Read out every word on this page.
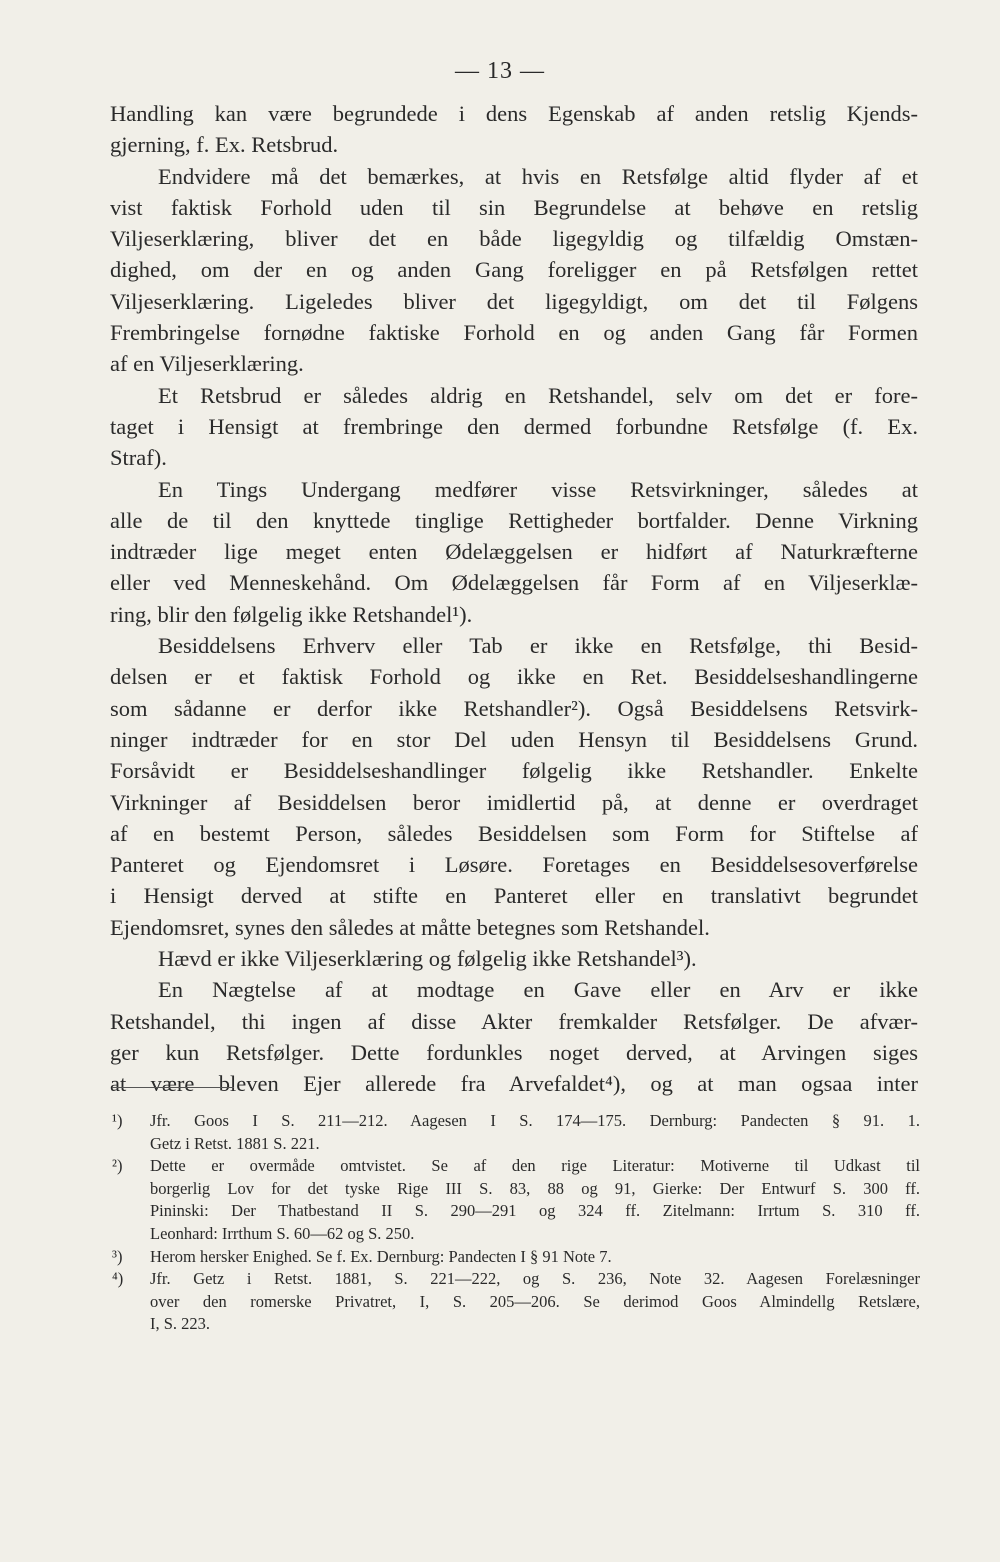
— 13 —
Handling kan være begrundede i dens Egenskab af anden retslig Kjends-
gjerning, f. Ex. Retsbrud.
Endvidere må det bemærkes, at hvis en Retsfølge altid flyder af et
vist faktisk Forhold uden til sin Begrundelse at behøve en retslig
Viljeserklæring, bliver det en både ligegyldig og tilfældig Omstæn-
dighed, om der en og anden Gang foreligger en på Retsfølgen rettet
Viljeserklæring. Ligeledes bliver det ligegyldigt, om det til Følgens
Frembringelse fornødne faktiske Forhold en og anden Gang får Formen
af en Viljeserklæring.
Et Retsbrud er således aldrig en Retshandel, selv om det er fore-
taget i Hensigt at frembringe den dermed forbundne Retsfølge (f. Ex.
Straf).
En Tings Undergang medfører visse Retsvirkninger, således at
alle de til den knyttede tinglige Rettigheder bortfalder. Denne Virkning
indtræder lige meget enten Ødelæggelsen er hidført af Naturkræfterne
eller ved Menneskehånd. Om Ødelæggelsen får Form af en Viljeserklæ-
ring, blir den følgelig ikke Retshandel¹).
Besiddelsens Erhverv eller Tab er ikke en Retsfølge, thi Besid-
delsen er et faktisk Forhold og ikke en Ret. Besiddelseshandlingerne
som sådanne er derfor ikke Retshandler²). Også Besiddelsens Retsvirk-
ninger indtræder for en stor Del uden Hensyn til Besiddelsens Grund.
Forsåvidt er Besiddelseshandlinger følgelig ikke Retshandler. Enkelte
Virkninger af Besiddelsen beror imidlertid på, at denne er overdraget
af en bestemt Person, således Besiddelsen som Form for Stiftelse af
Panteret og Ejendomsret i Løsøre. Foretages en Besiddelsesoverførelse
i Hensigt derved at stifte en Panteret eller en translativt begrundet
Ejendomsret, synes den således at måtte betegnes som Retshandel.
Hævd er ikke Viljeserklæring og følgelig ikke Retshandel³).
En Nægtelse af at modtage en Gave eller en Arv er ikke
Retshandel, thi ingen af disse Akter fremkalder Retsfølger. De afvær-
ger kun Retsfølger. Dette fordunkles noget derved, at Arvingen siges
at være bleven Ejer allerede fra Arvefaldet⁴), og at man ogsaa inter
¹) Jfr. Goos I S. 211—212. Aagesen I S. 174—175. Dernburg: Pandecten § 91. 1.
Getz i Retst. 1881 S. 221.
²) Dette er overmåde omtvistet. Se af den rige Literatur: Motiverne til Udkast til
borgerlig Lov for det tyske Rige III S. 83, 88 og 91, Gierke: Der Entwurf S. 300 ff.
Pininski: Der Thatbestand II S. 290—291 og 324 ff. Zitelmann: Irrtum S. 310 ff.
Leonhard: Irrthum S. 60—62 og S. 250.
³) Herom hersker Enighed. Se f. Ex. Dernburg: Pandecten I § 91 Note 7.
⁴) Jfr. Getz i Retst. 1881, S. 221—222, og S. 236, Note 32. Aagesen Forelæsninger
over den romerske Privatret, I, S. 205—206. Se derimod Goos Almindellg Retslære,
I, S. 223.
